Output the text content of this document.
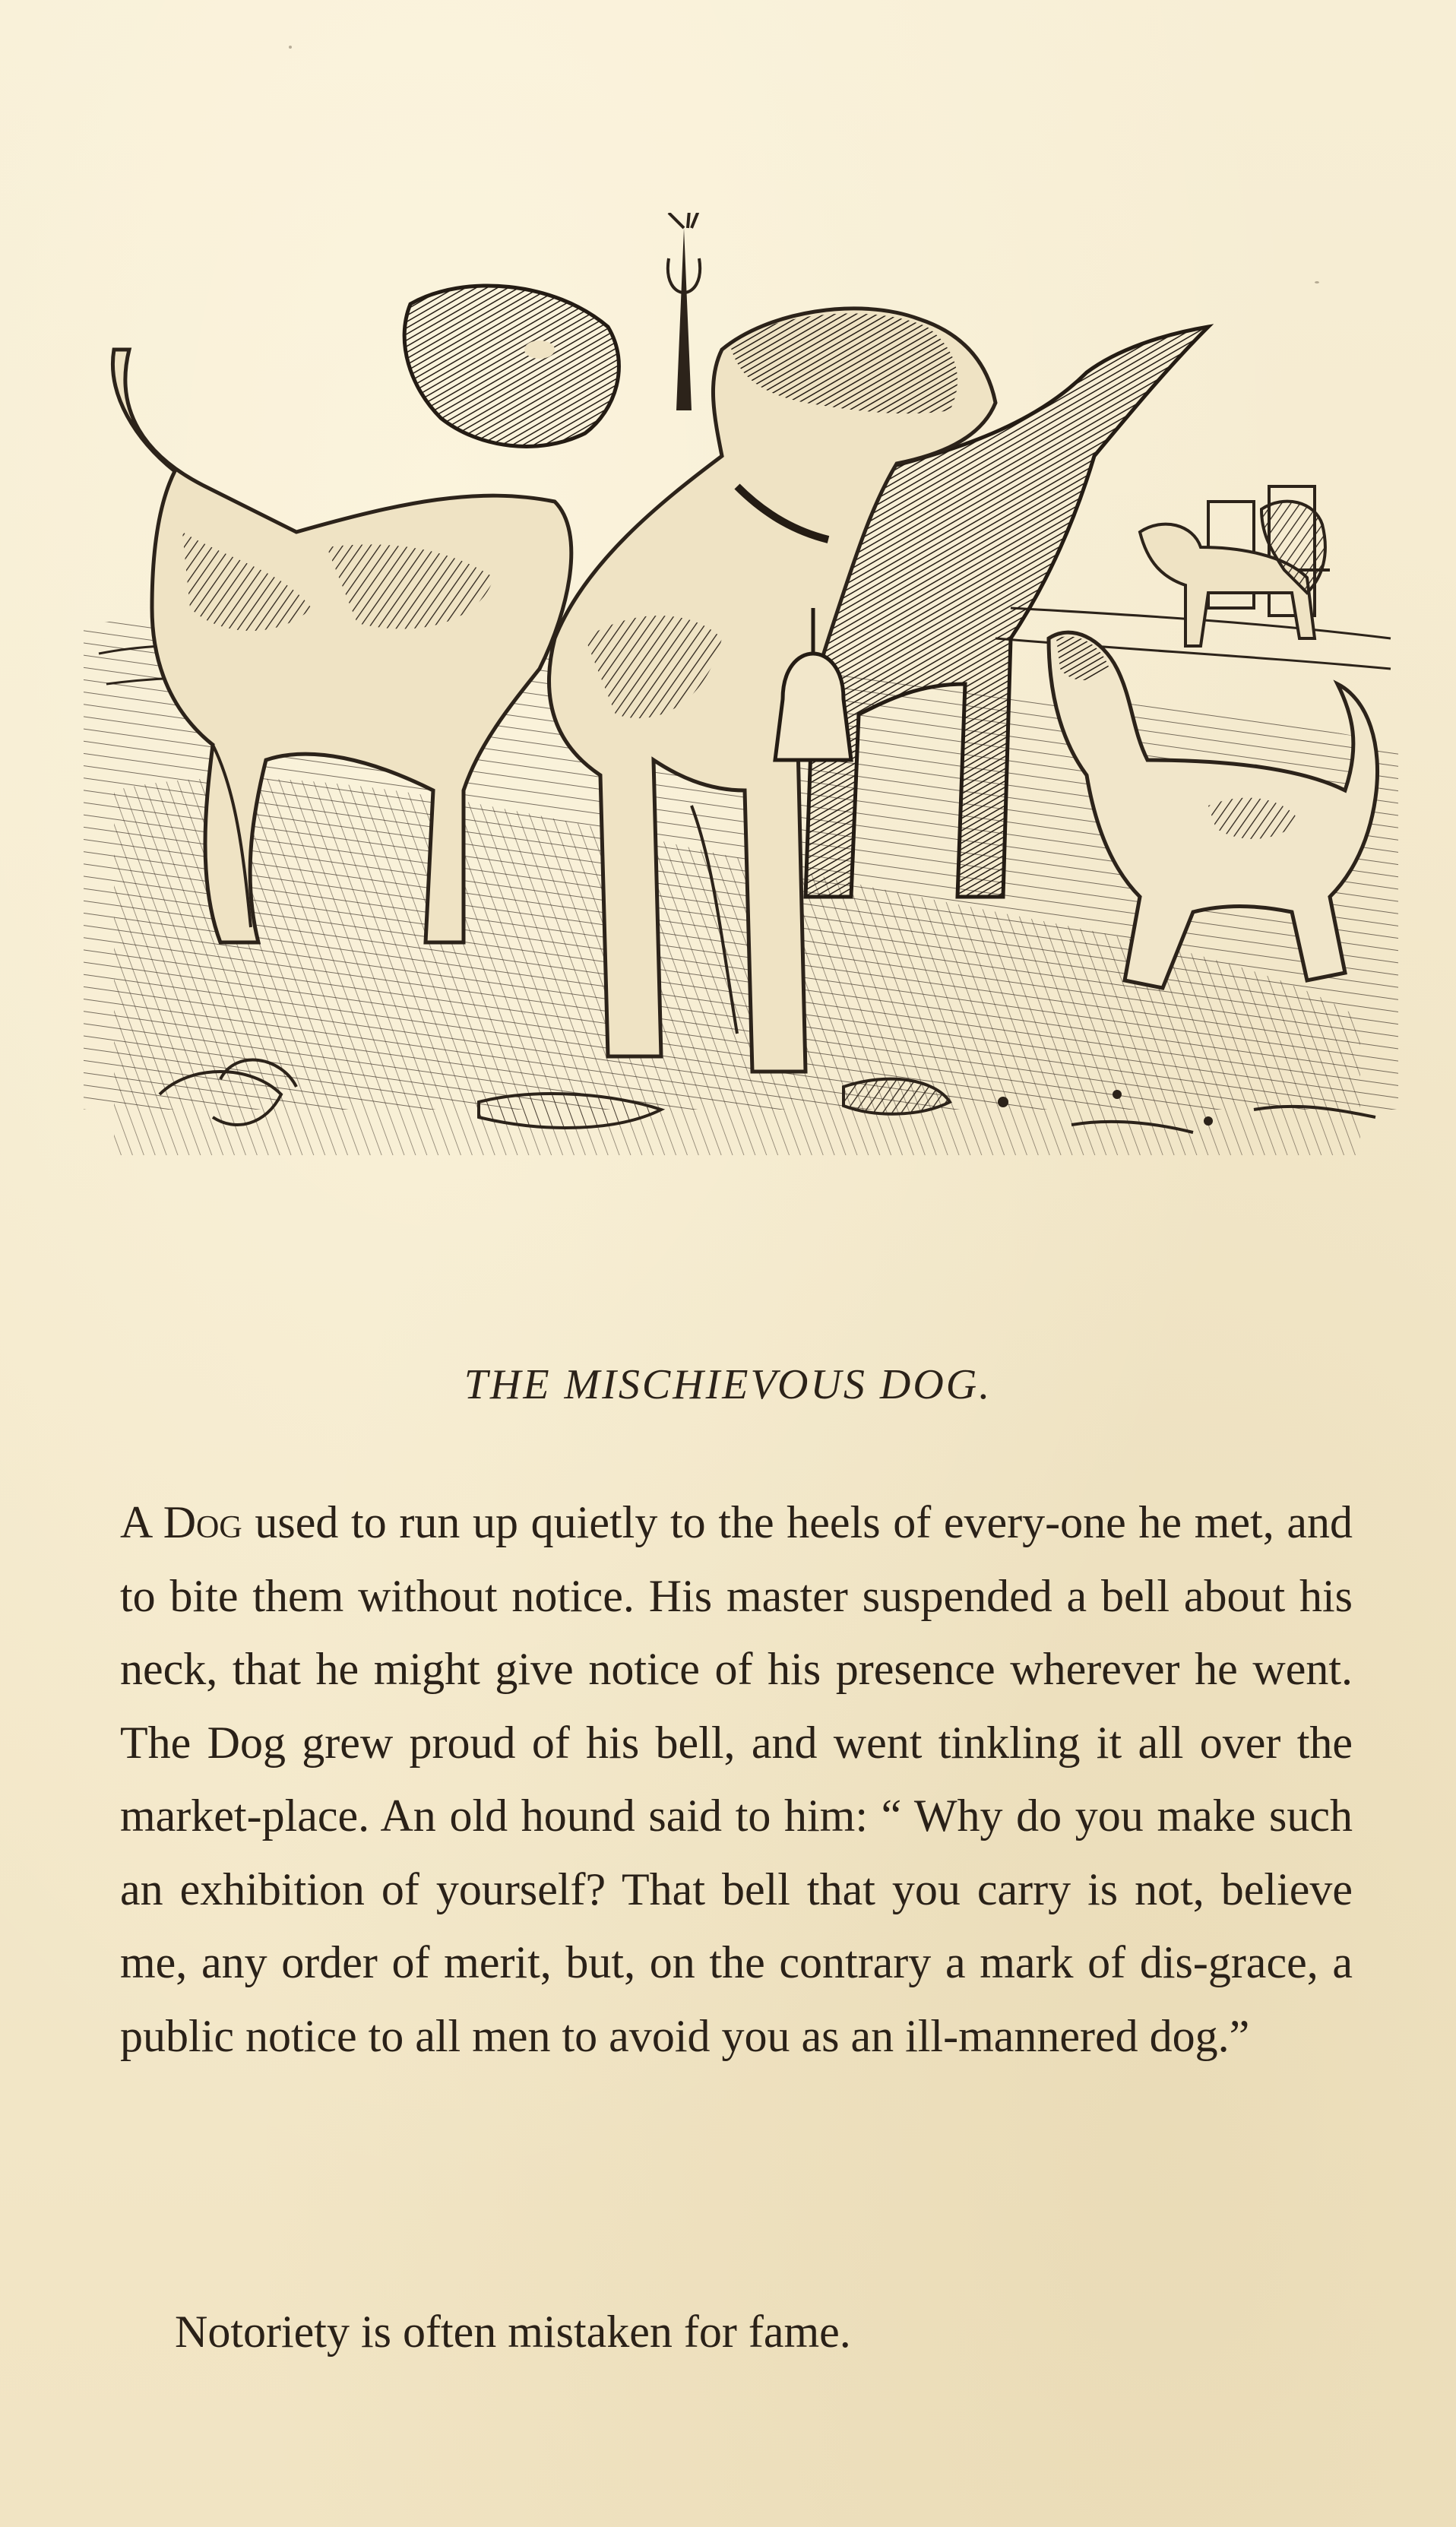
THE MISCHIEVOUS DOG.

A Dog used to run up quietly to the heels of every-one he met, and to bite them without notice. His master suspended a bell about his neck, that he might give notice of his presence wherever he went. The Dog grew proud of his bell, and went tinkling it all over the market-place. An old hound said to him: “ Why do you make such an exhibition of yourself? That bell that you carry is not, believe me, any order of merit, but, on the contrary a mark of dis-grace, a public notice to all men to avoid you as an ill-mannered dog.”

Notoriety is often mistaken for fame.
